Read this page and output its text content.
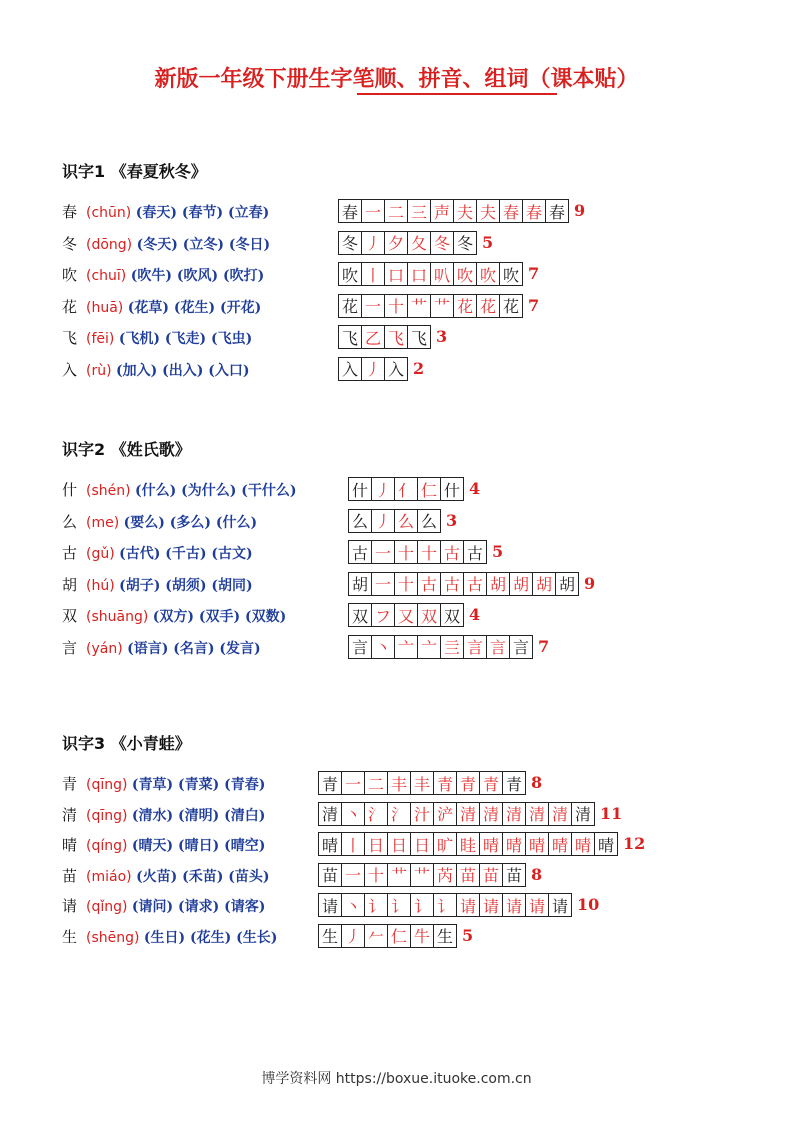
新版一年级下册生字笔顺、拼音、组词（课本贴）
识字1 《春夏秋冬》
春 (chūn) (春天) (春节) (立春)	春 一 二 三 声 夫 夫 春 春 春 9
冬 (dōng) (冬天) (立冬) (冬日)	冬 丿 夕 夂 冬 冬 5
吹 (chuī) (吹牛) (吹风) (吹打)	吹 丨 口 口 叭 吹 吹 吹 7
花 (huā) (花草) (花生) (开花)	花 一 十 艹 艹 花 花 花 7
飞 (fēi) (飞机) (飞走) (飞虫)	飞 乙 飞 飞 3
入 (rù) (加入) (出入) (入口)	入 丿 入 2
识字2 《姓氏歌》
什 (shén) (什么) (为什么) (干什么)	什 丿 亻 仁 什 4
么 (me) (要么) (多么) (什么)	么 丿 么 么 3
古 (gǔ) (古代) (千古) (古文)	古 一 十 十 古 古 5
胡 (hú) (胡子) (胡须) (胡同)	胡 一 十 古 古 古 胡 胡 胡 胡 9
双 (shuāng) (双方) (双手) (双数)	双 フ 又 双 双 4
言 (yán) (语言) (名言) (发言)	言 丶 亠 亠 亖 言 言 言 7
识字3 《小青蛙》
青 (qīng) (青草) (青菜) (青春)	青 一 二 丰 丰 青 青 青 青 8
清 (qīng) (清水) (清明) (清白)	清 丶 氵 氵 汁 浐 清 清 清 清 清 清 11
晴 (qíng) (晴天) (晴日) (晴空)	晴 丨 日 日 日 旷 眭 晴 晴 晴 晴 晴 晴 12
苗 (miáo) (火苗) (禾苗) (苗头)	苗 一 十 艹 艹 芮 苗 苗 苗 8
请 (qǐng) (请问) (请求) (请客)	请 丶 讠 讠 讠 讠 请 请 请 请 请 10
生 (shēng) (生日) (花生) (生长)	生 丿 𠂉 仁 牛 生 5
博学资料网 https://boxue.ituoke.com.cn
